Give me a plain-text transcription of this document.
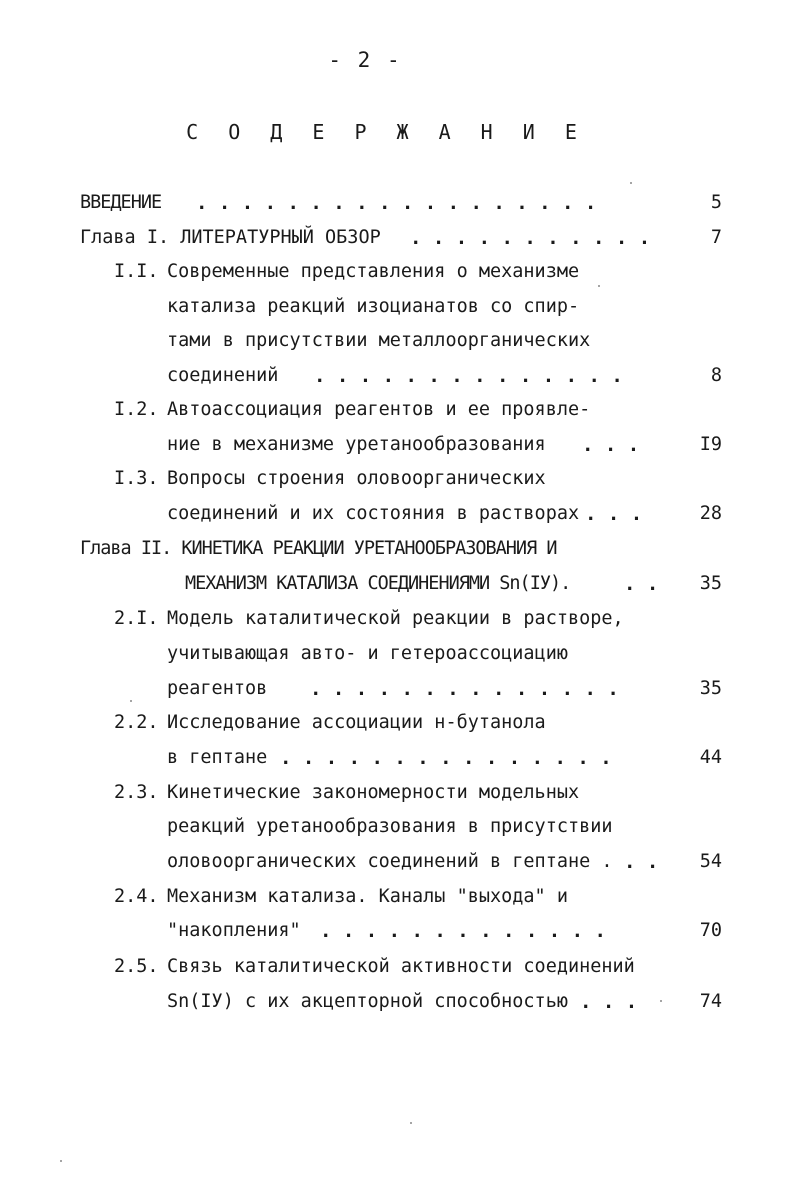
- 2 -
С О Д Е Р Ж А Н И Е
ВВЕДЕНИЕ . . . . . . . . . . . . . . . . . .	5
Глава I. ЛИТЕРАТУРНЫЙ ОБЗОР . . . . . . . . . . .	7
I.I. Современные представления о механизме
катализа реакций изоцианатов со спир-
тами в присутствии металлоорганических
соединений . . . . . . . . . . . . . .	8
I.2. Автоассоциация реагентов и ее проявле-
ние в механизме уретанообразования . . .	I9
I.3. Вопросы строения оловоорганических
соединений и их состояния в растворах . . .	28
Глава II. КИНЕТИКА РЕАКЦИИ УРЕТАНООБРАЗОВАНИЯ И
МЕХАНИЗМ КАТАЛИЗА СОЕДИНЕНИЯМИ Sn(IУ).	. .	35
2.I. Модель каталитической реакции в растворе,
учитывающая авто- и гетероассоциацию
реагентов . . . . . . . . . . . . . .	35
2.2. Исследование ассоциации н-бутанола
в гептане . . . . . . . . . . . . . . .	44
2.3. Кинетические закономерности модельных
реакций уретанообразования в присутствии
оловоорганических соединений в гептане . . .	54
2.4. Механизм катализа. Каналы "выхода" и
"накопления" . . . . . . . . . . . . .	70
2.5. Связь каталитической активности соединений
Sn(IУ) с их акцепторной способностью . . .	74
